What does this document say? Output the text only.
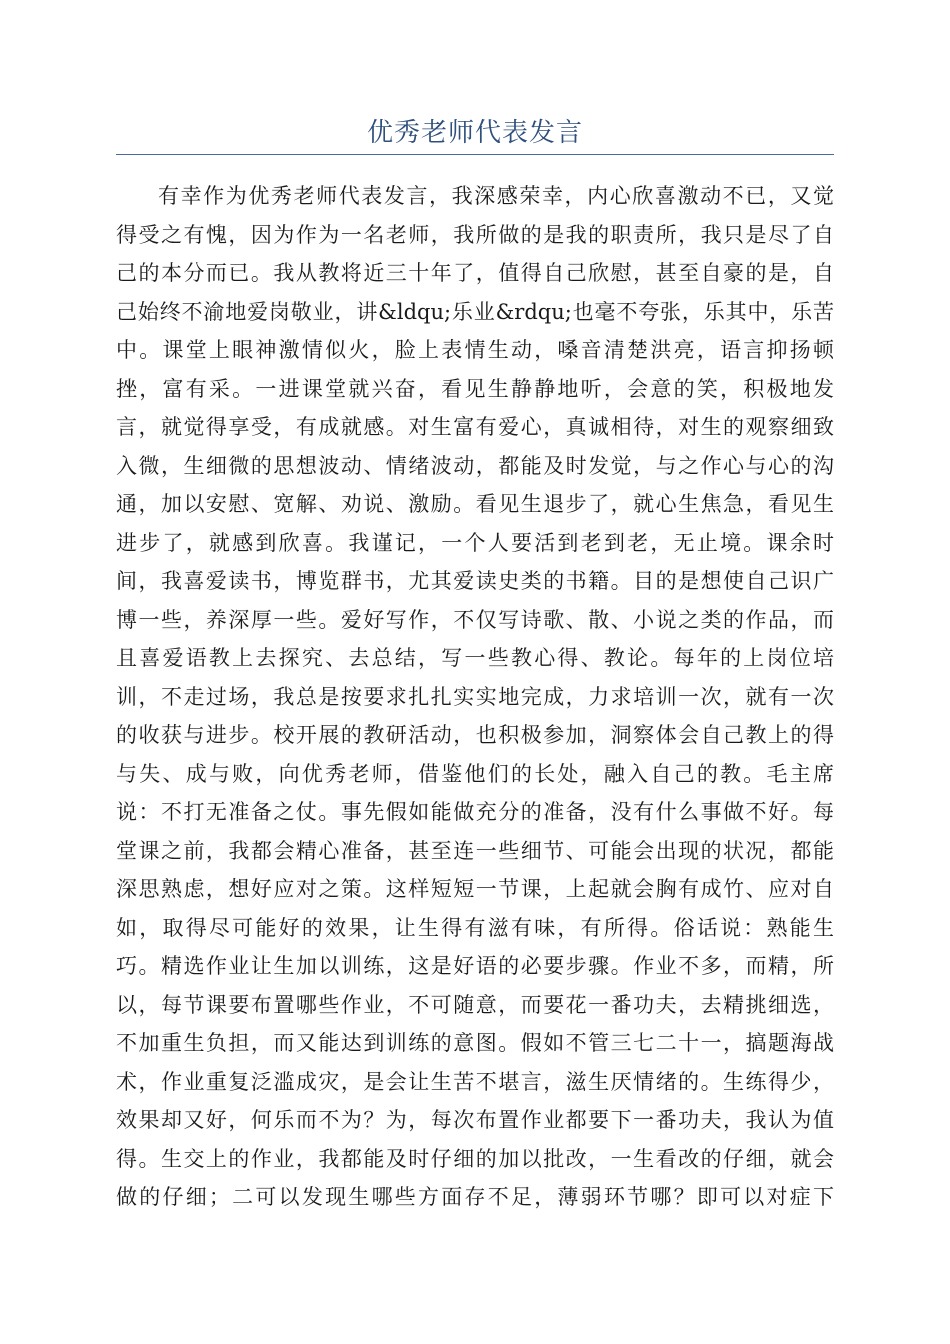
优秀老师代表发言
有幸作为优秀老师代表发言，我深感荣幸，内心欣喜激动不已，又觉
得受之有愧，因为作为一名老师，我所做的是我的职责所，我只是尽了自
己的本分而已。我从教将近三十年了，值得自己欣慰，甚至自豪的是，自
己始终不渝地爱岗敬业，讲&ldqu;乐业&rdqu;也毫不夸张，乐其中，乐苦
中。课堂上眼神激情似火，脸上表情生动，嗓音清楚洪亮，语言抑扬顿
挫，富有采。一进课堂就兴奋，看见生静静地听，会意的笑，积极地发
言，就觉得享受，有成就感。对生富有爱心，真诚相待，对生的观察细致
入微，生细微的思想波动、情绪波动，都能及时发觉，与之作心与心的沟
通，加以安慰、宽解、劝说、激励。看见生退步了，就心生焦急，看见生
进步了，就感到欣喜。我谨记，一个人要活到老到老，无止境。课余时
间，我喜爱读书，博览群书，尤其爱读史类的书籍。目的是想使自己识广
博一些，养深厚一些。爱好写作，不仅写诗歌、散、小说之类的作品，而
且喜爱语教上去探究、去总结，写一些教心得、教论。每年的上岗位培
训，不走过场，我总是按要求扎扎实实地完成，力求培训一次，就有一次
的收获与进步。校开展的教研活动，也积极参加，洞察体会自己教上的得
与失、成与败，向优秀老师，借鉴他们的长处，融入自己的教。毛主席
说：不打无准备之仗。事先假如能做充分的准备，没有什么事做不好。每
堂课之前，我都会精心准备，甚至连一些细节、可能会出现的状况，都能
深思熟虑，想好应对之策。这样短短一节课，上起就会胸有成竹、应对自
如，取得尽可能好的效果，让生得有滋有味，有所得。俗话说：熟能生
巧。精选作业让生加以训练，这是好语的必要步骤。作业不多，而精，所
以，每节课要布置哪些作业，不可随意，而要花一番功夫，去精挑细选，
不加重生负担，而又能达到训练的意图。假如不管三七二十一，搞题海战
术，作业重复泛滥成灾，是会让生苦不堪言，滋生厌情绪的。生练得少，
效果却又好，何乐而不为？为，每次布置作业都要下一番功夫，我认为值
得。生交上的作业，我都能及时仔细的加以批改，一生看改的仔细，就会
做的仔细；二可以发现生哪些方面存不足，薄弱环节哪？即可以对症下
